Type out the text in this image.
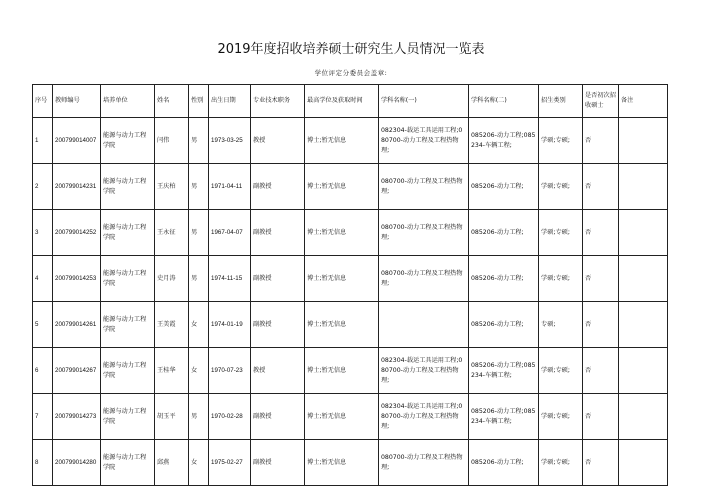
2019年度招收培养硕士研究生人员情况一览表
学位评定分委员会盖章:
序号	教师编号	培养单位	姓名	性别	出生日期	专业技术职务	最高学位及获取时间	学科名称(一)	学科名称(二)	招生类别	是否初次招收硕士	备注
1	200799014007	能源与动力工程学院	闫伟	男	1973-03-25	教授	博士;暂无信息	082304-载运工具运用工程;080700-动力工程及工程热物理;	085206-动力工程;085234-车辆工程;	学硕;专硕;	否	
2	200799014231	能源与动力工程学院	王庆柏	男	1971-04-11	副教授	博士;暂无信息	080700-动力工程及工程热物理;	085206-动力工程;	学硕;专硕;	否	
3	200799014252	能源与动力工程学院	王永征	男	1967-04-07	副教授	博士;暂无信息	080700-动力工程及工程热物理;	085206-动力工程;	学硕;专硕;	否	
4	200799014253	能源与动力工程学院	史月涛	男	1974-11-15	副教授	博士;暂无信息	080700-动力工程及工程热物理;	085206-动力工程;	学硕;专硕;	否	
5	200799014261	能源与动力工程学院	王美霞	女	1974-01-19	副教授	博士;暂无信息		085206-动力工程;	专硕;	否	
6	200799014267	能源与动力工程学院	王桂华	女	1970-07-23	教授	博士;暂无信息	082304-载运工具运用工程;080700-动力工程及工程热物理;	085206-动力工程;085234-车辆工程;	学硕;专硕;	否	
7	200799014273	能源与动力工程学院	胡玉平	男	1970-02-28	副教授	博士;暂无信息	082304-载运工具运用工程;080700-动力工程及工程热物理;	085206-动力工程;085234-车辆工程;	学硕;专硕;	否	
8	200799014280	能源与动力工程学院	邱燕	女	1975-02-27	副教授	博士;暂无信息	080700-动力工程及工程热物理;	085206-动力工程;	学硕;专硕;	否	
